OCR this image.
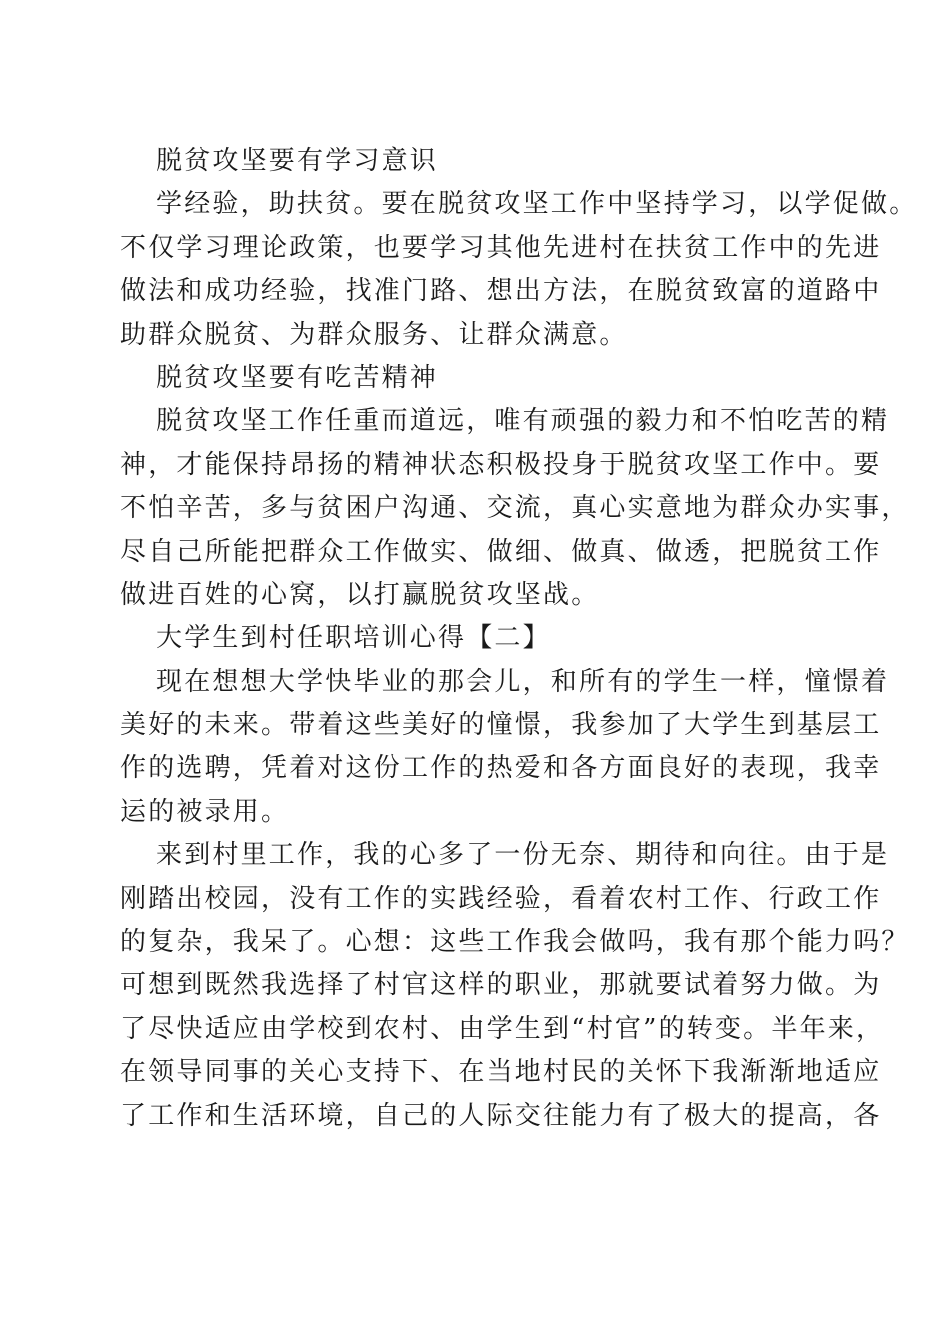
脱贫攻坚要有学习意识
学经验，助扶贫。要在脱贫攻坚工作中坚持学习，以学促做。
不仅学习理论政策，也要学习其他先进村在扶贫工作中的先进
做法和成功经验，找准门路、想出方法，在脱贫致富的道路中
助群众脱贫、为群众服务、让群众满意。
脱贫攻坚要有吃苦精神
脱贫攻坚工作任重而道远，唯有顽强的毅力和不怕吃苦的精
神，才能保持昂扬的精神状态积极投身于脱贫攻坚工作中。要
不怕辛苦，多与贫困户沟通、交流，真心实意地为群众办实事，
尽自己所能把群众工作做实、做细、做真、做透，把脱贫工作
做进百姓的心窝，以打赢脱贫攻坚战。
大学生到村任职培训心得【二】
现在想想大学快毕业的那会儿，和所有的学生一样，憧憬着
美好的未来。带着这些美好的憧憬，我参加了大学生到基层工
作的选聘，凭着对这份工作的热爱和各方面良好的表现，我幸
运的被录用。
来到村里工作，我的心多了一份无奈、期待和向往。由于是
刚踏出校园，没有工作的实践经验，看着农村工作、行政工作
的复杂，我呆了。心想：这些工作我会做吗，我有那个能力吗？
可想到既然我选择了村官这样的职业，那就要试着努力做。为
了尽快适应由学校到农村、由学生到“村官”的转变。半年来，
在领导同事的关心支持下、在当地村民的关怀下我渐渐地适应
了工作和生活环境，自己的人际交往能力有了极大的提高，各
